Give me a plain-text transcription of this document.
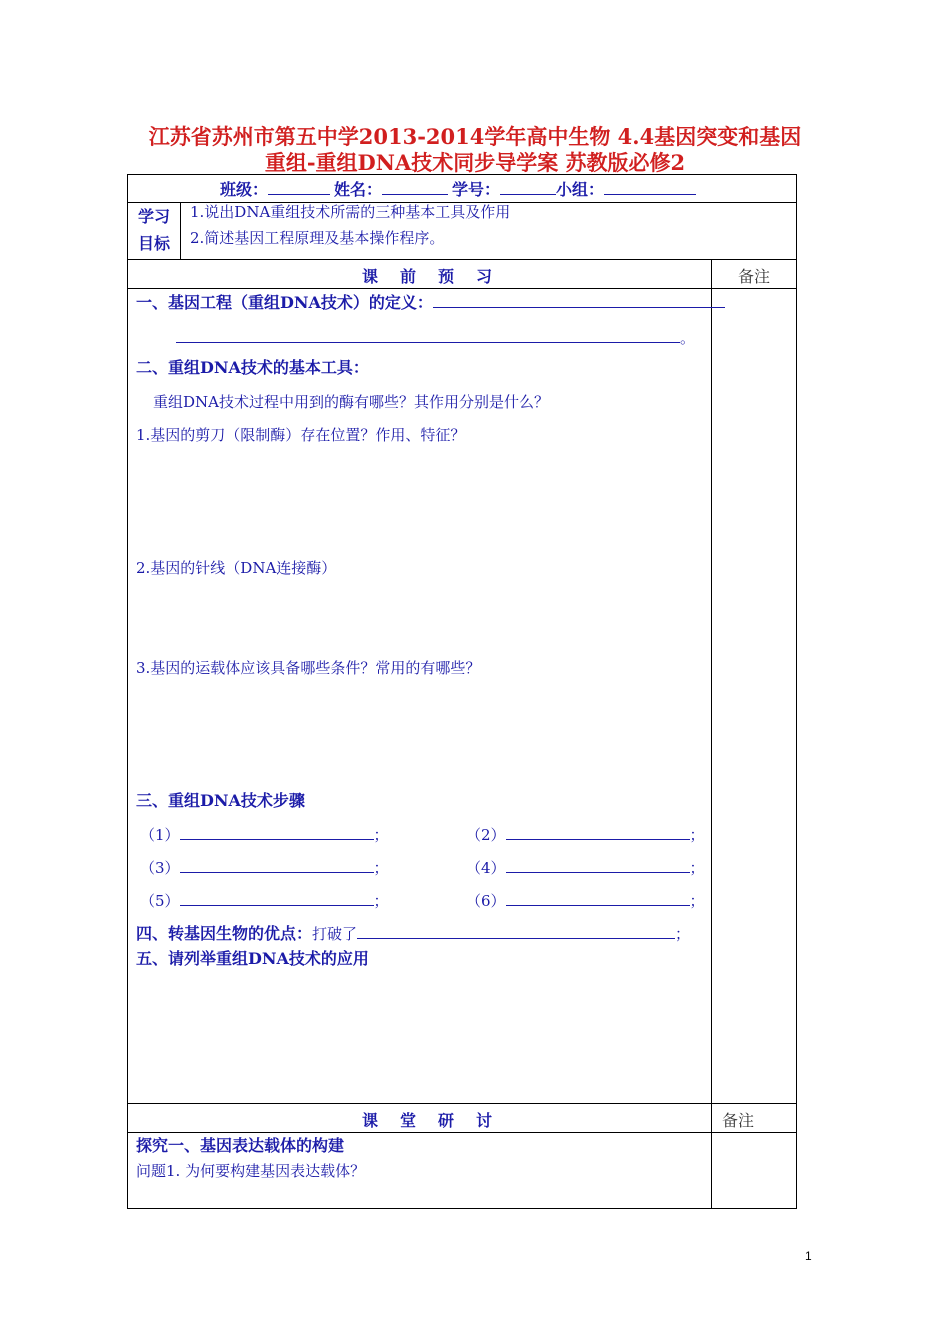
江苏省苏州市第五中学2013-2014学年高中生物 4.4基因突变和基因
重组-重组DNA技术同步导学案 苏教版必修2
班级：	姓名：	学号：	小组：
学习
目标
1.说出DNA重组技术所需的三种基本工具及作用
2.简述基因工程原理及基本操作程序。
课前预习	备注
一、基因工程（重组DNA技术）的定义：
。
二、重组DNA技术的基本工具：
重组DNA技术过程中用到的酶有哪些？其作用分别是什么？
1.基因的剪刀（限制酶）存在位置？作用、特征？
2.基因的针线（DNA连接酶）
3.基因的运载体应该具备哪些条件？常用的有哪些？
三、重组DNA技术步骤
（1）	；	（2）	；
（3）	；	（4）	；
（5）	；	（6）	；
四、转基因生物的优点：打破了	；
五、请列举重组DNA技术的应用
课堂研讨	备注
探究一、基因表达载体的构建
问题1. 为何要构建基因表达载体？
1
